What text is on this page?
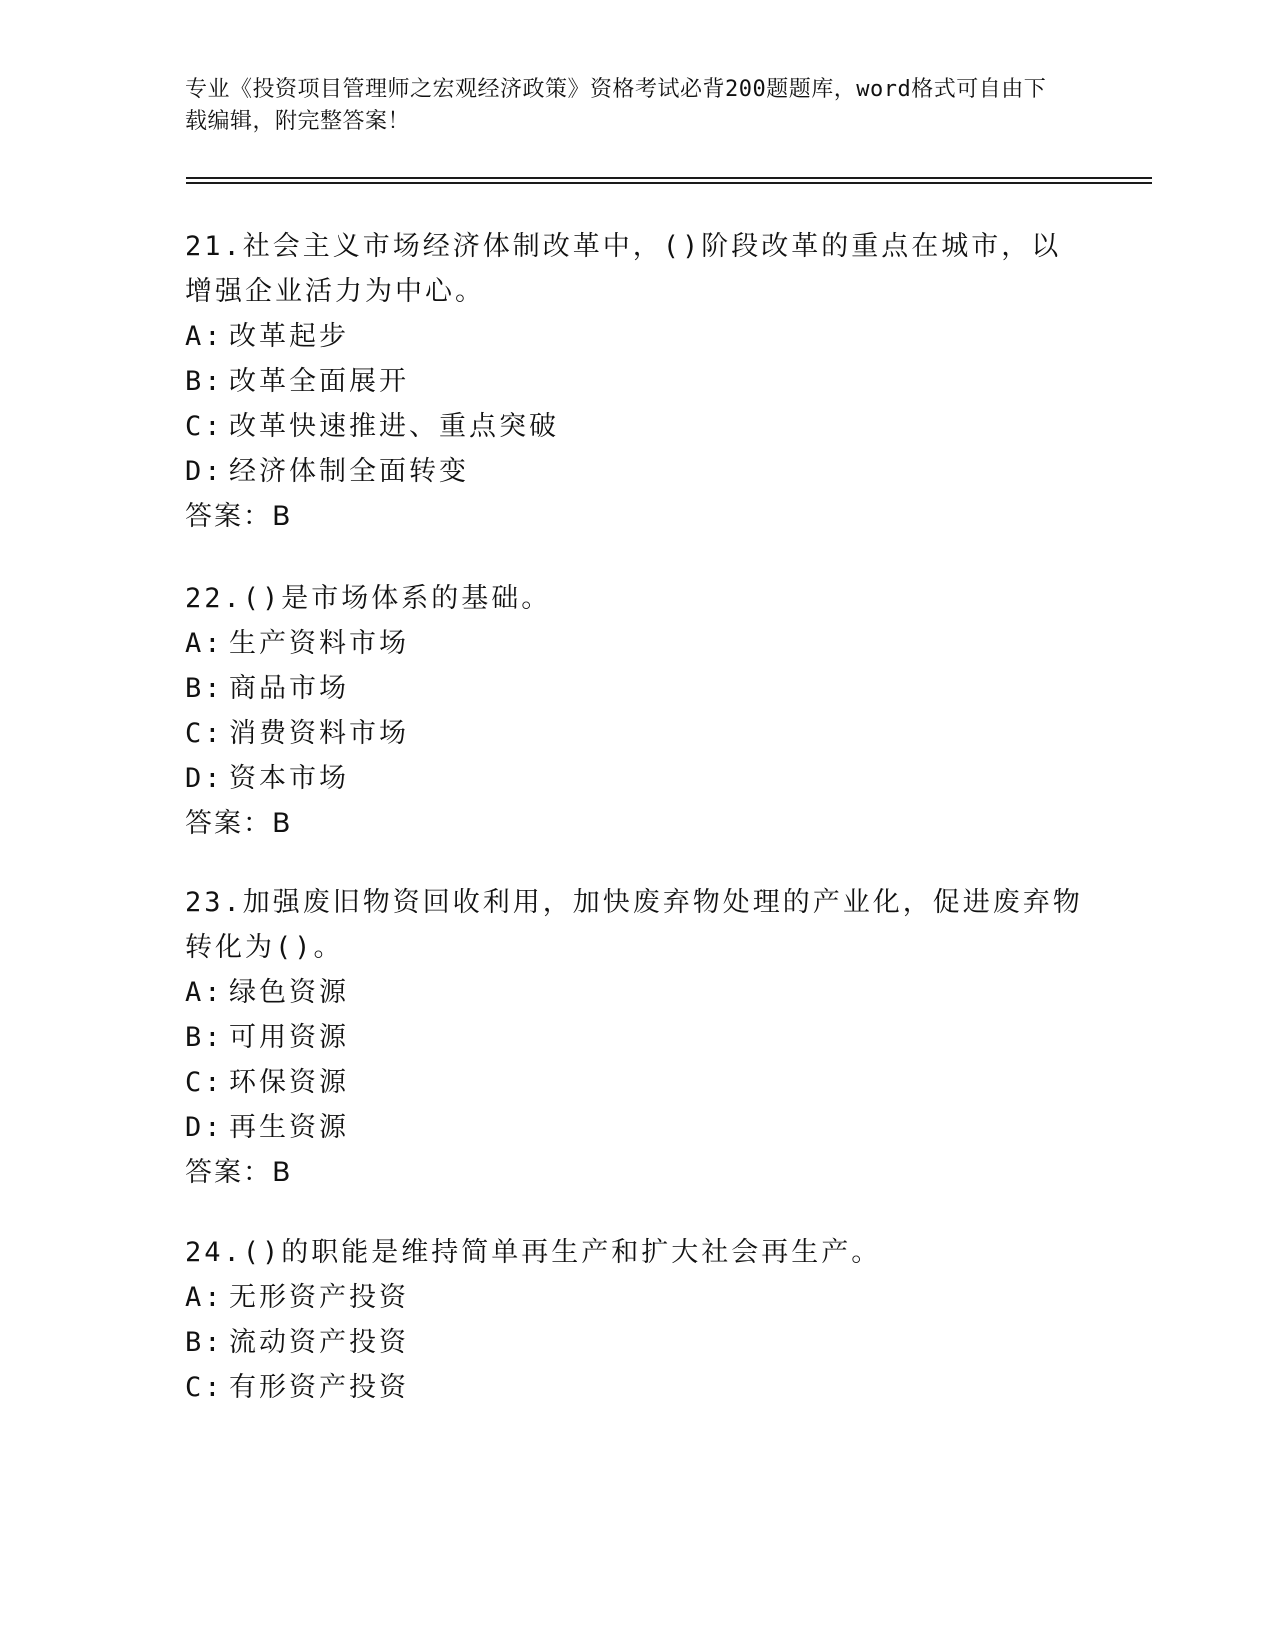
专业《投资项目管理师之宏观经济政策》资格考试必背200题题库，word格式可自由下载编辑，附完整答案！

21.社会主义市场经济体制改革中，()阶段改革的重点在城市，以增强企业活力为中心。

A: 改革起步

B: 改革全面展开

C: 改革快速推进、重点突破

D: 经济体制全面转变

答案：B

22.()是市场体系的基础。

A: 生产资料市场

B: 商品市场

C: 消费资料市场

D: 资本市场

答案：B

23.加强废旧物资回收利用，加快废弃物处理的产业化，促进废弃物转化为()。

A: 绿色资源

B: 可用资源

C: 环保资源

D: 再生资源

答案：B

24.()的职能是维持简单再生产和扩大社会再生产。

A: 无形资产投资

B: 流动资产投资

C: 有形资产投资
